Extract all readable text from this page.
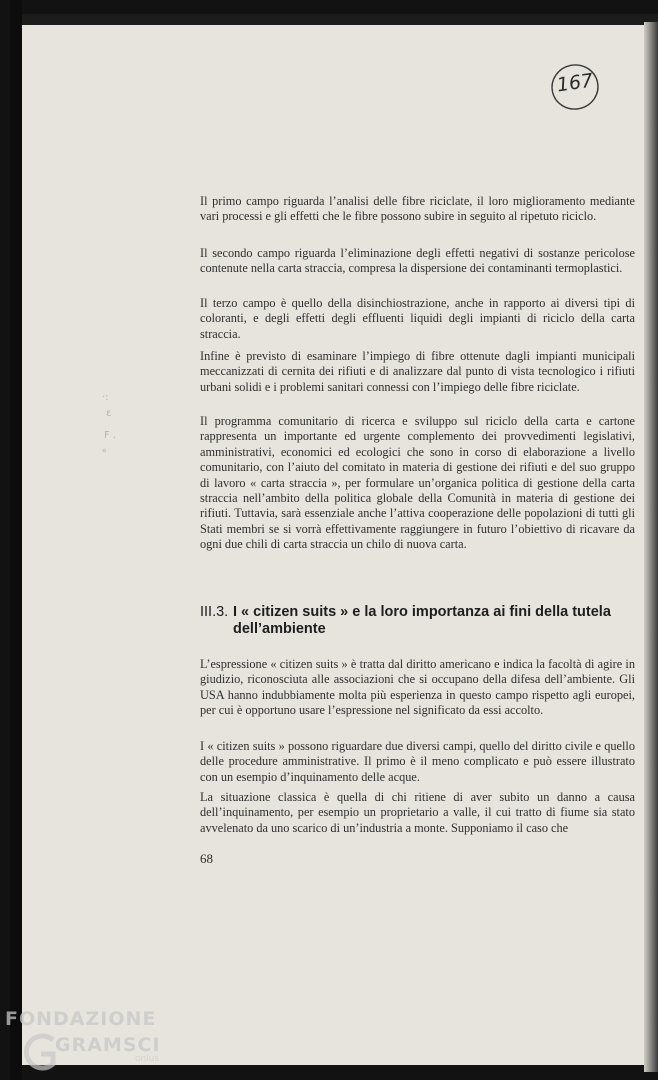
167
·:
ɛ
F .
⚬

Il primo campo riguarda l’analisi delle fibre riciclate, il loro miglioramento mediante vari processi e gli effetti che le fibre possono subire in seguito al ripetuto riciclo.

Il secondo campo riguarda l’eliminazione degli effetti negativi di sostanze pericolose contenute nella carta straccia, compresa la dispersione dei contaminanti termoplastici.

Il terzo campo è quello della disinchiostrazione, anche in rapporto ai diversi tipi di coloranti, e degli effetti degli effluenti liquidi degli impianti di riciclo della carta straccia.

Infine è previsto di esaminare l’impiego di fibre ottenute dagli impianti municipali meccanizzati di cernita dei rifiuti e di analizzare dal punto di vista tecnologico i rifiuti urbani solidi e i problemi sanitari connessi con l’impiego delle fibre riciclate.

Il programma comunitario di ricerca e sviluppo sul riciclo della carta e cartone rappresenta un importante ed urgente complemento dei provvedimenti legislativi, amministrativi, economici ed ecologici che sono in corso di elaborazione a livello comunitario, con l’aiuto del comitato in materia di gestione dei rifiuti e del suo gruppo di lavoro « carta straccia », per formulare un’organica politica di gestione della carta straccia nell’ambito della politica globale della Comunità in materia di gestione dei rifiuti. Tuttavia, sarà essenziale anche l’attiva cooperazione delle popolazioni di tutti gli Stati membri se si vorrà effettivamente raggiungere in futuro l’obiettivo di ricavare da ogni due chili di carta straccia un chilo di nuova carta.

III.3. I « citizen suits » e la loro importanza ai fini della tutela
dell’ambiente

L’espressione « citizen suits » è tratta dal diritto americano e indica la facoltà di agire in giudizio, riconosciuta alle associazioni che si occupano della difesa dell’ambiente. Gli USA hanno indubbiamente molta più esperienza in questo campo rispetto agli europei, per cui è opportuno usare l’espressione nel significato da essi accolto.

I « citizen suits » possono riguardare due diversi campi, quello del diritto civile e quello delle procedure amministrative. Il primo è il meno complicato e può essere illustrato con un esempio d’inquinamento delle acque.

La situazione classica è quella di chi ritiene di aver subito un danno a causa dell’inquinamento, per esempio un proprietario a valle, il cui tratto di fiume sia stato avvelenato da uno scarico di un’industria a monte. Supponiamo il caso che

68
FONDAZIONE
GRAMSCI
onlus
